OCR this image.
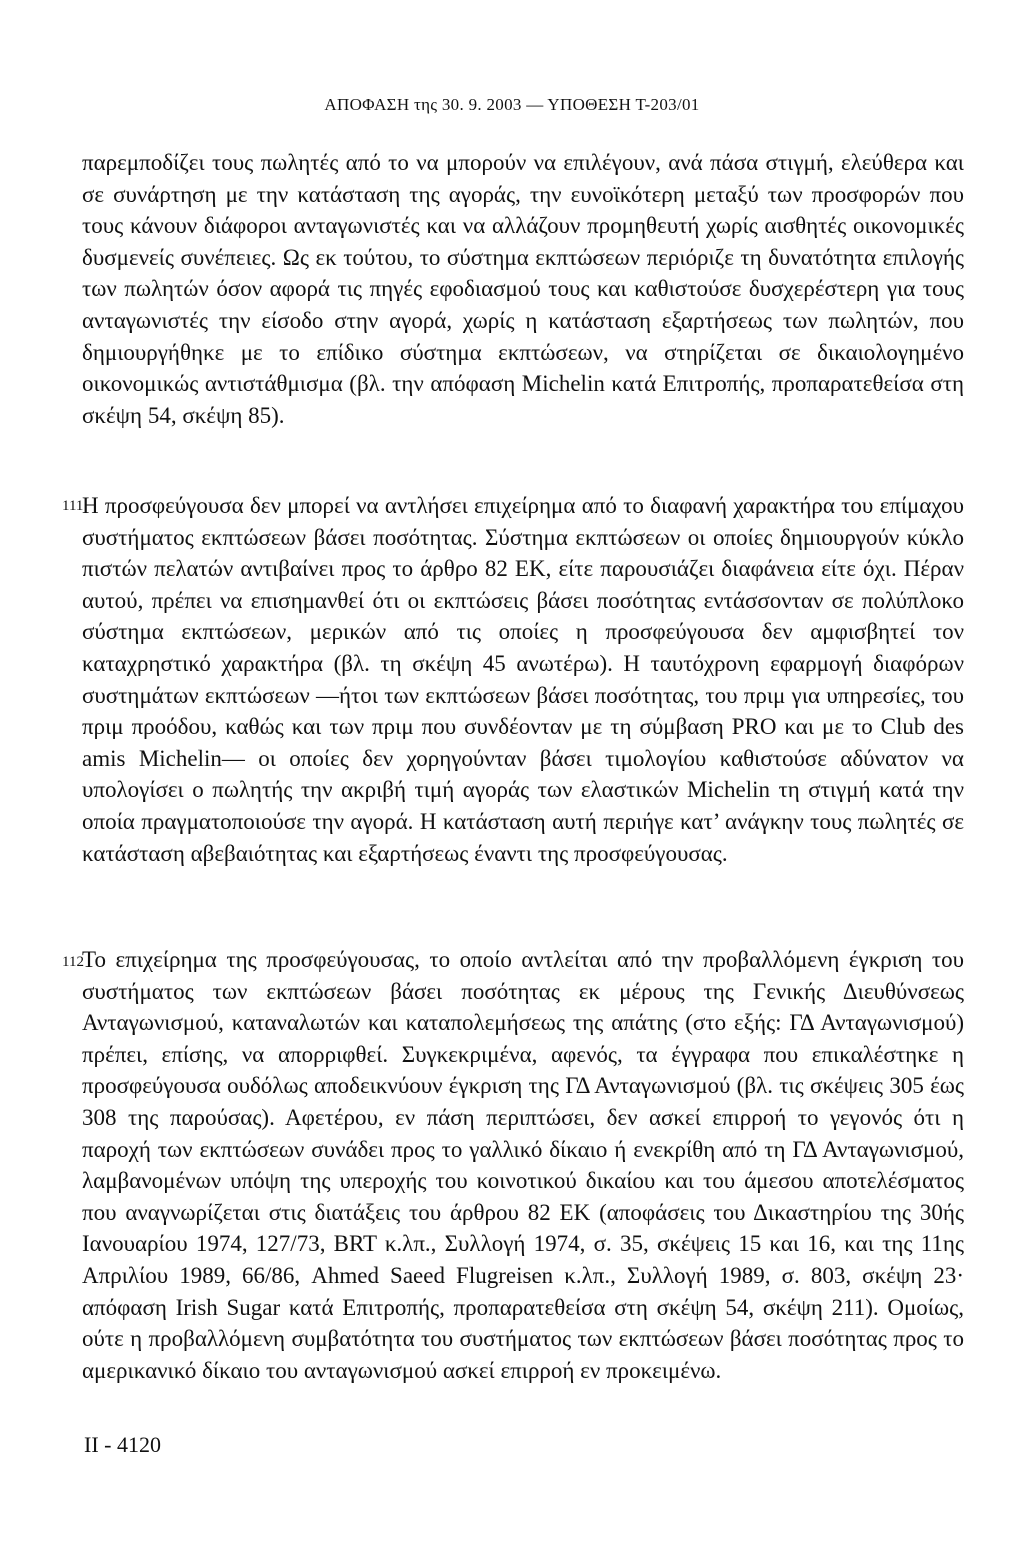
ΑΠΟΦΑΣΗ της 30. 9. 2003 — ΥΠΟΘΕΣΗ Τ-203/01

παρεμποδίζει τους πωλητές από το να μπορούν να επιλέγουν, ανά πάσα στιγμή, ελεύθερα και σε συνάρτηση με την κατάσταση της αγοράς, την ευνοϊκότερη μεταξύ των προσφορών που τους κάνουν διάφοροι ανταγωνιστές και να αλλάζουν προμηθευτή χωρίς αισθητές οικονομικές δυσμενείς συνέπειες. Ως εκ τούτου, το σύστημα εκπτώσεων περιόριζε τη δυνατότητα επιλογής των πωλητών όσον αφορά τις πηγές εφοδιασμού τους και καθιστούσε δυσχερέστερη για τους ανταγωνιστές την είσοδο στην αγορά, χωρίς η κατάσταση εξαρτήσεως των πωλητών, που δημιουργήθηκε με το επίδικο σύστημα εκπτώσεων, να στηρίζεται σε δικαιολογημένο οικονομικώς αντιστάθμισμα (βλ. την απόφαση Michelin κατά Επιτροπής, προπαρατεθείσα στη σκέψη 54, σκέψη 85).

111

Η προσφεύγουσα δεν μπορεί να αντλήσει επιχείρημα από το διαφανή χαρακτήρα του επίμαχου συστήματος εκπτώσεων βάσει ποσότητας. Σύστημα εκπτώσεων οι οποίες δημιουργούν κύκλο πιστών πελατών αντιβαίνει προς το άρθρο 82 ΕΚ, είτε παρουσιάζει διαφάνεια είτε όχι. Πέραν αυτού, πρέπει να επισημανθεί ότι οι εκπτώσεις βάσει ποσότητας εντάσσονταν σε πολύπλοκο σύστημα εκπτώσεων, μερικών από τις οποίες η προσφεύγουσα δεν αμφισβητεί τον καταχρηστικό χαρακτήρα (βλ. τη σκέψη 45 ανωτέρω). Η ταυτόχρονη εφαρμογή διαφόρων συστημάτων εκπτώσεων —ήτοι των εκπτώσεων βάσει ποσότητας, του πριμ για υπηρεσίες, του πριμ προόδου, καθώς και των πριμ που συνδέονταν με τη σύμβαση PRO και με το Club des amis Michelin— οι οποίες δεν χορηγούνταν βάσει τιμολογίου καθιστούσε αδύνατον να υπολογίσει ο πωλητής την ακριβή τιμή αγοράς των ελαστικών Michelin τη στιγμή κατά την οποία πραγματοποιούσε την αγορά. Η κατάσταση αυτή περιήγε κατ’ ανάγκην τους πωλητές σε κατάσταση αβεβαιότητας και εξαρτήσεως έναντι της προσφεύγουσας.

112

Το επιχείρημα της προσφεύγουσας, το οποίο αντλείται από την προβαλλόμενη έγκριση του συστήματος των εκπτώσεων βάσει ποσότητας εκ μέρους της Γενικής Διευθύνσεως Ανταγωνισμού, καταναλωτών και καταπολεμήσεως της απάτης (στο εξής: ΓΔ Ανταγωνισμού) πρέπει, επίσης, να απορριφθεί. Συγκεκριμένα, αφενός, τα έγγραφα που επικαλέστηκε η προσφεύγουσα ουδόλως αποδεικνύουν έγκριση της ΓΔ Ανταγωνισμού (βλ. τις σκέψεις 305 έως 308 της παρούσας). Αφετέρου, εν πάση περιπτώσει, δεν ασκεί επιρροή το γεγονός ότι η παροχή των εκπτώσεων συνάδει προς το γαλλικό δίκαιο ή ενεκρίθη από τη ΓΔ Ανταγωνισμού, λαμβανομένων υπόψη της υπεροχής του κοινοτικού δικαίου και του άμεσου αποτελέσματος που αναγνωρίζεται στις διατάξεις του άρθρου 82 ΕΚ (αποφάσεις του Δικαστηρίου της 30ής Ιανουαρίου 1974, 127/73, BRT κ.λπ., Συλλογή 1974, σ. 35, σκέψεις 15 και 16, και της 11ης Απριλίου 1989, 66/86, Ahmed Saeed Flugreisen κ.λπ., Συλλογή 1989, σ. 803, σκέψη 23· απόφαση Irish Sugar κατά Επιτροπής, προπαρατεθείσα στη σκέψη 54, σκέψη 211). Ομοίως, ούτε η προβαλλόμενη συμβατότητα του συστήματος των εκπτώσεων βάσει ποσότητας προς το αμερικανικό δίκαιο του ανταγωνισμού ασκεί επιρροή εν προκειμένω.

II - 4120
